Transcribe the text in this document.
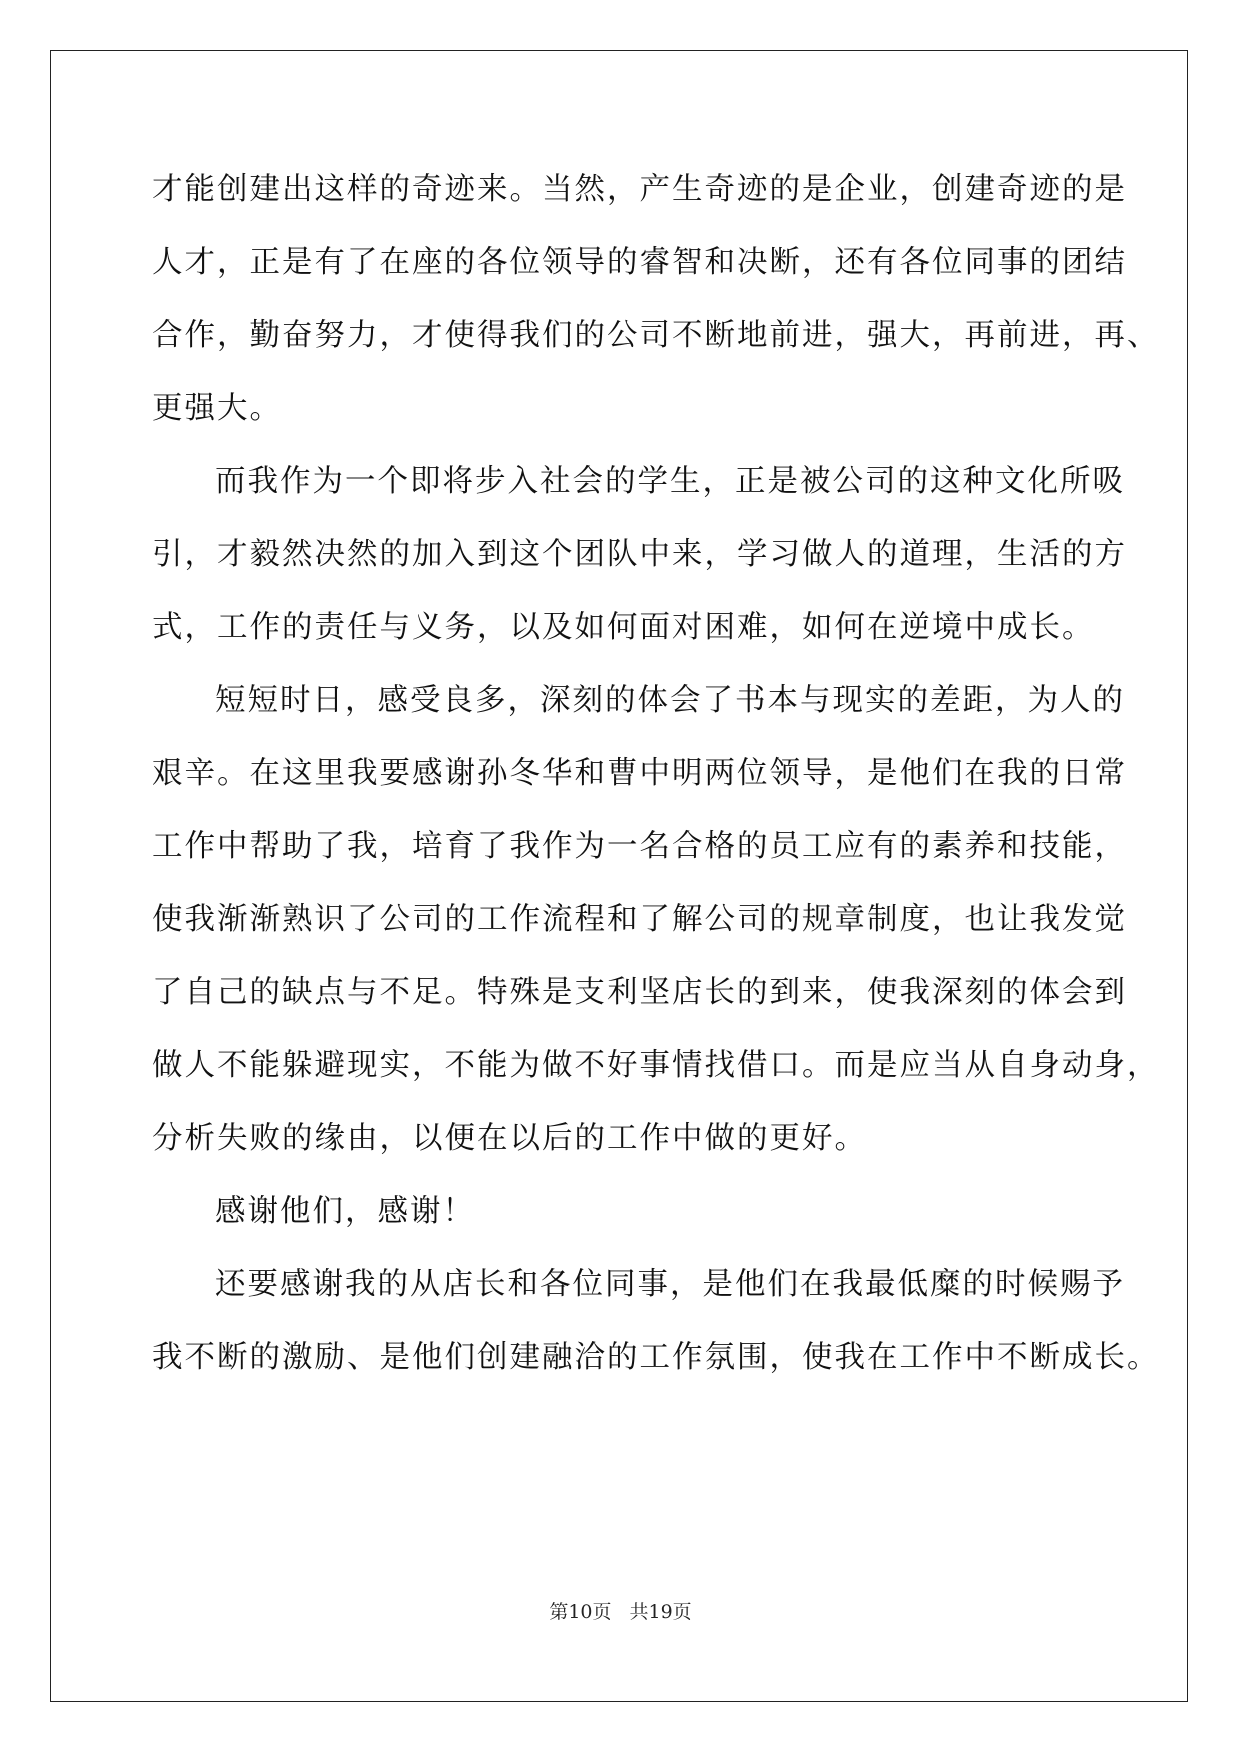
才能创建出这样的奇迹来。当然，产生奇迹的是企业，创建奇迹的是
人才，正是有了在座的各位领导的睿智和决断，还有各位同事的团结
合作，勤奋努力，才使得我们的公司不断地前进，强大，再前进，再、
更强大。
而我作为一个即将步入社会的学生，正是被公司的这种文化所吸
引，才毅然决然的加入到这个团队中来，学习做人的道理，生活的方
式，工作的责任与义务，以及如何面对困难，如何在逆境中成长。
短短时日，感受良多，深刻的体会了书本与现实的差距，为人的
艰辛。在这里我要感谢孙冬华和曹中明两位领导，是他们在我的日常
工作中帮助了我，培育了我作为一名合格的员工应有的素养和技能，
使我渐渐熟识了公司的工作流程和了解公司的规章制度，也让我发觉
了自己的缺点与不足。特殊是支利坚店长的到来，使我深刻的体会到
做人不能躲避现实，不能为做不好事情找借口。而是应当从自身动身，
分析失败的缘由，以便在以后的工作中做的更好。
感谢他们，感谢！
还要感谢我的从店长和各位同事，是他们在我最低糜的时候赐予
我不断的激励、是他们创建融洽的工作氛围，使我在工作中不断成长。
第10页 共19页
